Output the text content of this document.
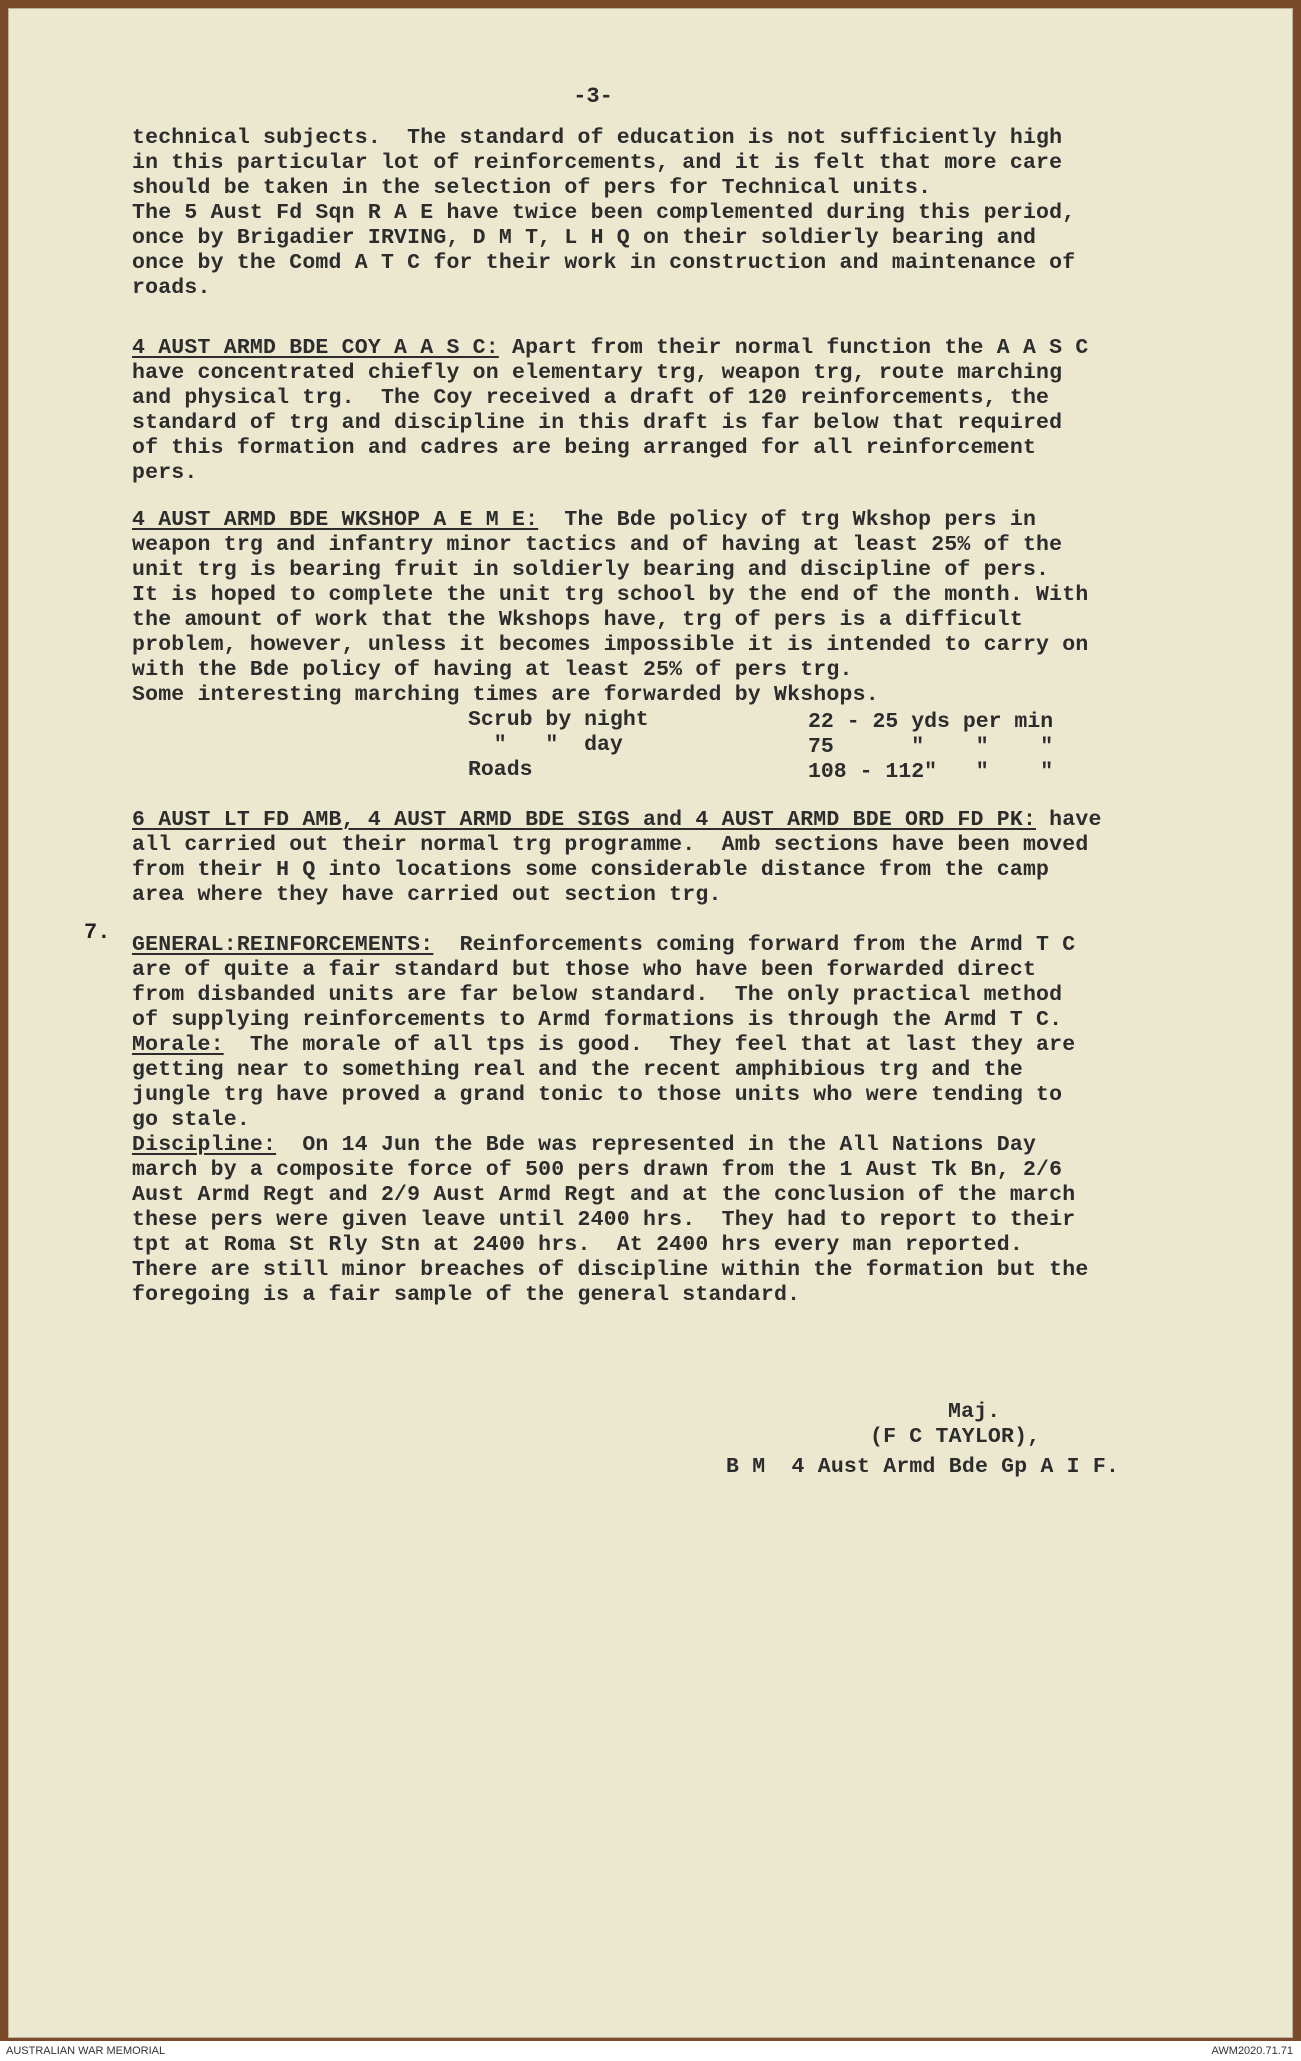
-3-
technical subjects.  The standard of education is not sufficiently high
in this particular lot of reinforcements, and it is felt that more care
should be taken in the selection of pers for Technical units.
The 5 Aust Fd Sqn R A E have twice been complemented during this period,
once by Brigadier IRVING, D M T, L H Q on their soldierly bearing and
once by the Comd A T C for their work in construction and maintenance of
roads.
4 AUST ARMD BDE COY A A S C: Apart from their normal function the A A S C
have concentrated chiefly on elementary trg, weapon trg, route marching
and physical trg.  The Coy received a draft of 120 reinforcements, the
standard of trg and discipline in this draft is far below that required
of this formation and cadres are being arranged for all reinforcement
pers.
4 AUST ARMD BDE WKSHOP A E M E:  The Bde policy of trg Wkshop pers in
weapon trg and infantry minor tactics and of having at least 25% of the
unit trg is bearing fruit in soldierly bearing and discipline of pers.
It is hoped to complete the unit trg school by the end of the month. With
the amount of work that the Wkshops have, trg of pers is a difficult
problem, however, unless it becomes impossible it is intended to carry on
with the Bde policy of having at least 25% of pers trg.
Some interesting marching times are forwarded by Wkshops.
Scrub by night	22 - 25 yds per min
"   "  day	75      "    "    "
Roads	108 - 112"   "    "
6 AUST LT FD AMB, 4 AUST ARMD BDE SIGS and 4 AUST ARMD BDE ORD FD PK: have
all carried out their normal trg programme.  Amb sections have been moved
from their H Q into locations some considerable distance from the camp
area where they have carried out section trg.
7. GENERAL:REINFORCEMENTS:  Reinforcements coming forward from the Armd T C
are of quite a fair standard but those who have been forwarded direct
from disbanded units are far below standard.  The only practical method
of supplying reinforcements to Armd formations is through the Armd T C.
Morale:  The morale of all tps is good.  They feel that at last they are
getting near to something real and the recent amphibious trg and the
jungle trg have proved a grand tonic to those units who were tending to
go stale.
Discipline:  On 14 Jun the Bde was represented in the All Nations Day
march by a composite force of 500 pers drawn from the 1 Aust Tk Bn, 2/6
Aust Armd Regt and 2/9 Aust Armd Regt and at the conclusion of the march
these pers were given leave until 2400 hrs.  They had to report to their
tpt at Roma St Rly Stn at 2400 hrs.  At 2400 hrs every man reported.
There are still minor breaches of discipline within the formation but the
foregoing is a fair sample of the general standard.
Maj.
(F C TAYLOR),
B M  4 Aust Armd Bde Gp A I F.
AUSTRALIAN WAR MEMORIAL	AWM2020.71.71
